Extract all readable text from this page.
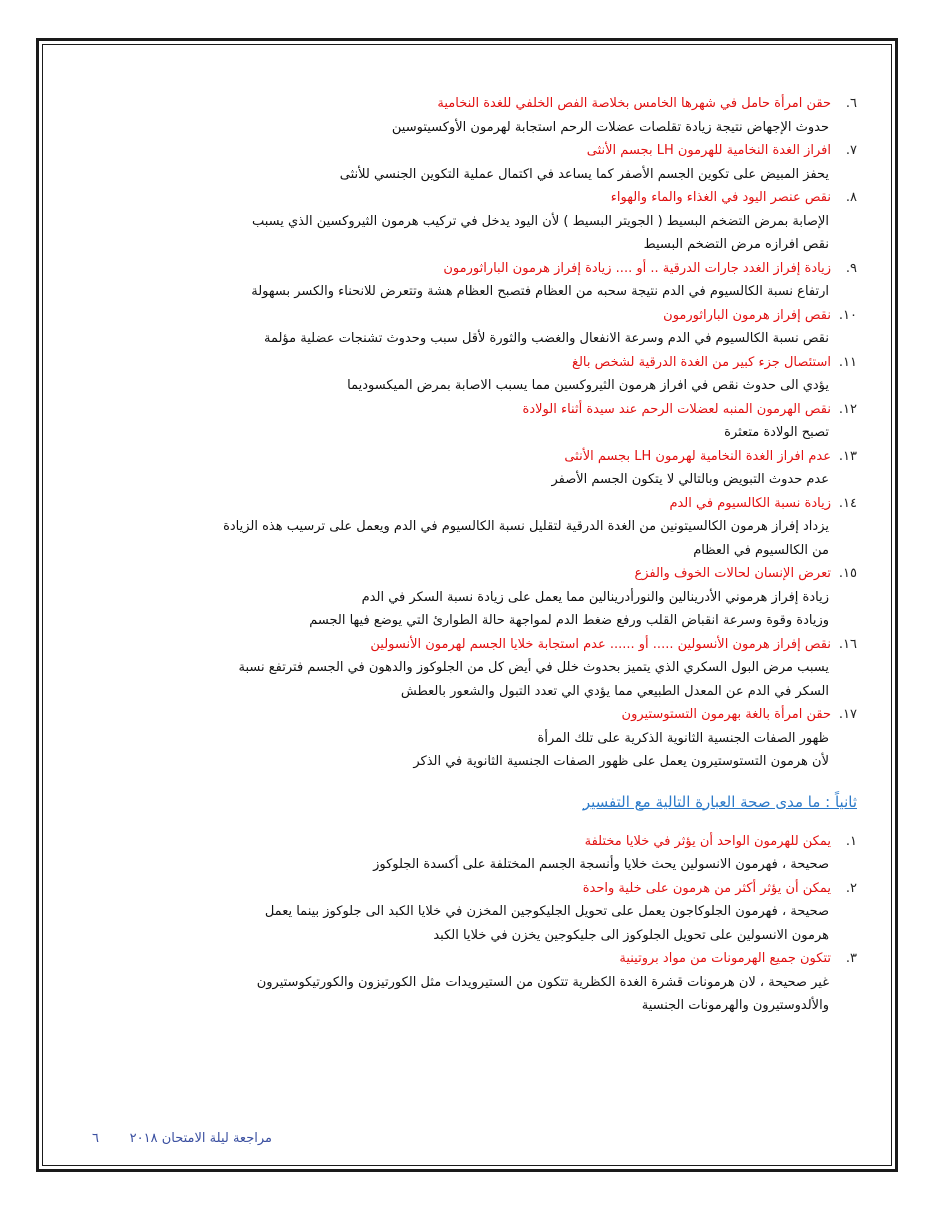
٦.حقن امرأة حامل في شهرها الخامس بخلاصة الفص الخلفي للغدة النخامية
حدوث الإجهاض نتيجة زيادة تقلصات عضلات الرحم استجابة لهرمون الأوكسيتوسين
٧.افراز الغدة النخامية للهرمون LH بجسم الأنثى
يحفز المبيض على تكوين الجسم الأصفر كما يساعد في اكتمال عملية التكوين الجنسي للأنثى
٨.نقص عنصر اليود في الغذاء والماء والهواء
الإصابة بمرض التضخم البسيط ( الجويتر البسيط ) لأن اليود يدخل في تركيب هرمون الثيروكسين الذي يسبب
نقص افرازه مرض التضخم البسيط
٩.زيادة إفراز الغدد جارات الدرقية .. أو .... زيادة إفراز هرمون الباراثورمون
ارتفاع نسبة الكالسيوم في الدم نتيجة سحبه من العظام فتصبح العظام هشة وتتعرض للانحناء والكسر بسهولة
١٠.نقص إفراز هرمون الباراثورمون
نقص نسبة الكالسيوم في الدم وسرعة الانفعال والغضب والثورة لأقل سبب وحدوث تشنجات عضلية مؤلمة
١١.استئصال جزء كبير من الغدة الدرقية لشخص بالغ
يؤدي الى حدوث نقص في افراز هرمون الثيروكسين مما يسبب الاصابة بمرض الميكسوديما
١٢.نقص الهرمون المنبه لعضلات الرحم عند سيدة أثناء الولادة
تصبح الولادة متعثرة
١٣.عدم افراز الغدة النخامية لهرمون LH بجسم الأنثى
عدم حدوث التبويض وبالتالي لا يتكون الجسم الأصفر
١٤.زيادة نسبة الكالسيوم في الدم
يزداد إفراز هرمون الكالسيتونين من الغدة الدرقية لتقليل نسبة الكالسيوم في الدم ويعمل على ترسيب هذه الزيادة
من الكالسيوم في العظام
١٥.تعرض الإنسان لحالات الخوف والفزع
زيادة إفراز هرموني الأدرينالين والنورأدرينالين مما يعمل على زيادة نسبة السكر في الدم
وزيادة وقوة وسرعة انقباض القلب ورفع ضغط الدم لمواجهة حالة الطوارئ التي يوضع فيها الجسم
١٦.نقص إفراز هرمون الأنسولين ..... أو ...... عدم استجابة خلايا الجسم لهرمون الأنسولين
يسبب مرض البول السكري الذي يتميز بحدوث خلل في أيض كل من الجلوكوز والدهون في الجسم فترتفع نسبة
السكر في الدم عن المعدل الطبيعي مما يؤدي الي تعدد التبول والشعور بالعطش
١٧.حقن امرأة بالغة بهرمون التستوستيرون
ظهور الصفات الجنسية الثانوية الذكرية على تلك المرأة
لأن هرمون التستوستيرون يعمل على ظهور الصفات الجنسية الثانوية في الذكر
ثانياً : ما مدى صحة العبارة التالية مع التفسير
١.يمكن للهرمون الواحد أن يؤثر في خلايا مختلفة
صحيحة ، فهرمون الانسولين يحث خلايا وأنسجة الجسم المختلفة على أكسدة الجلوكوز
٢.يمكن أن يؤثر أكثر من هرمون على خلية واحدة
صحيحة ، فهرمون الجلوكاجون يعمل على تحويل الجليكوجين المخزن في خلايا الكبد الى جلوكوز بينما يعمل
هرمون الانسولين على تحويل الجلوكوز الى جليكوجين يخزن في خلايا الكبد
٣.تتكون جميع الهرمونات من مواد بروتينية
غير صحيحة ، لان هرمونات قشرة الغدة الكظرية تتكون من الستيرويدات مثل الكورتيزون والكورتيكوستيرون
والألدوستيرون والهرمونات الجنسية
مراجعة ليلة الامتحان ٢٠١٨
٦
